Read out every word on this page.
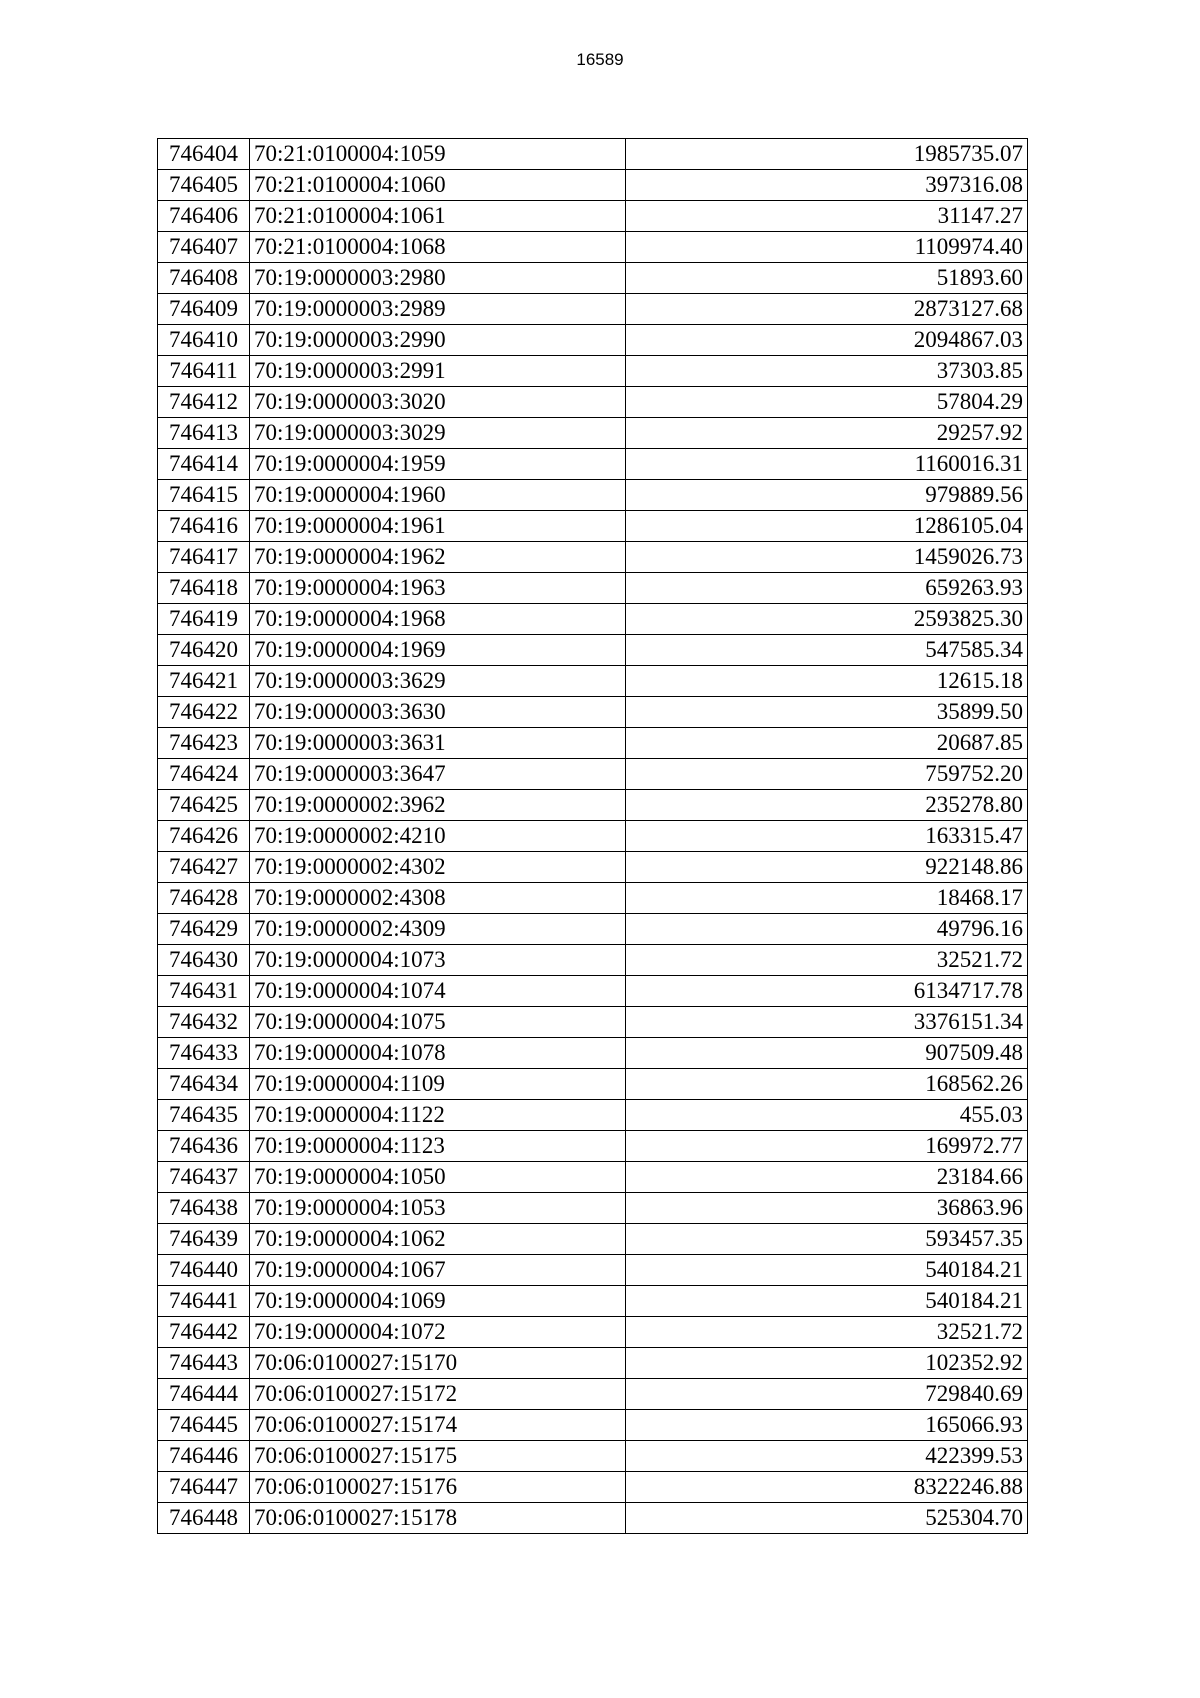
16589
746404	70:21:0100004:1059	1985735.07
746405	70:21:0100004:1060	397316.08
746406	70:21:0100004:1061	31147.27
746407	70:21:0100004:1068	1109974.40
746408	70:19:0000003:2980	51893.60
746409	70:19:0000003:2989	2873127.68
746410	70:19:0000003:2990	2094867.03
746411	70:19:0000003:2991	37303.85
746412	70:19:0000003:3020	57804.29
746413	70:19:0000003:3029	29257.92
746414	70:19:0000004:1959	1160016.31
746415	70:19:0000004:1960	979889.56
746416	70:19:0000004:1961	1286105.04
746417	70:19:0000004:1962	1459026.73
746418	70:19:0000004:1963	659263.93
746419	70:19:0000004:1968	2593825.30
746420	70:19:0000004:1969	547585.34
746421	70:19:0000003:3629	12615.18
746422	70:19:0000003:3630	35899.50
746423	70:19:0000003:3631	20687.85
746424	70:19:0000003:3647	759752.20
746425	70:19:0000002:3962	235278.80
746426	70:19:0000002:4210	163315.47
746427	70:19:0000002:4302	922148.86
746428	70:19:0000002:4308	18468.17
746429	70:19:0000002:4309	49796.16
746430	70:19:0000004:1073	32521.72
746431	70:19:0000004:1074	6134717.78
746432	70:19:0000004:1075	3376151.34
746433	70:19:0000004:1078	907509.48
746434	70:19:0000004:1109	168562.26
746435	70:19:0000004:1122	455.03
746436	70:19:0000004:1123	169972.77
746437	70:19:0000004:1050	23184.66
746438	70:19:0000004:1053	36863.96
746439	70:19:0000004:1062	593457.35
746440	70:19:0000004:1067	540184.21
746441	70:19:0000004:1069	540184.21
746442	70:19:0000004:1072	32521.72
746443	70:06:0100027:15170	102352.92
746444	70:06:0100027:15172	729840.69
746445	70:06:0100027:15174	165066.93
746446	70:06:0100027:15175	422399.53
746447	70:06:0100027:15176	8322246.88
746448	70:06:0100027:15178	525304.70
